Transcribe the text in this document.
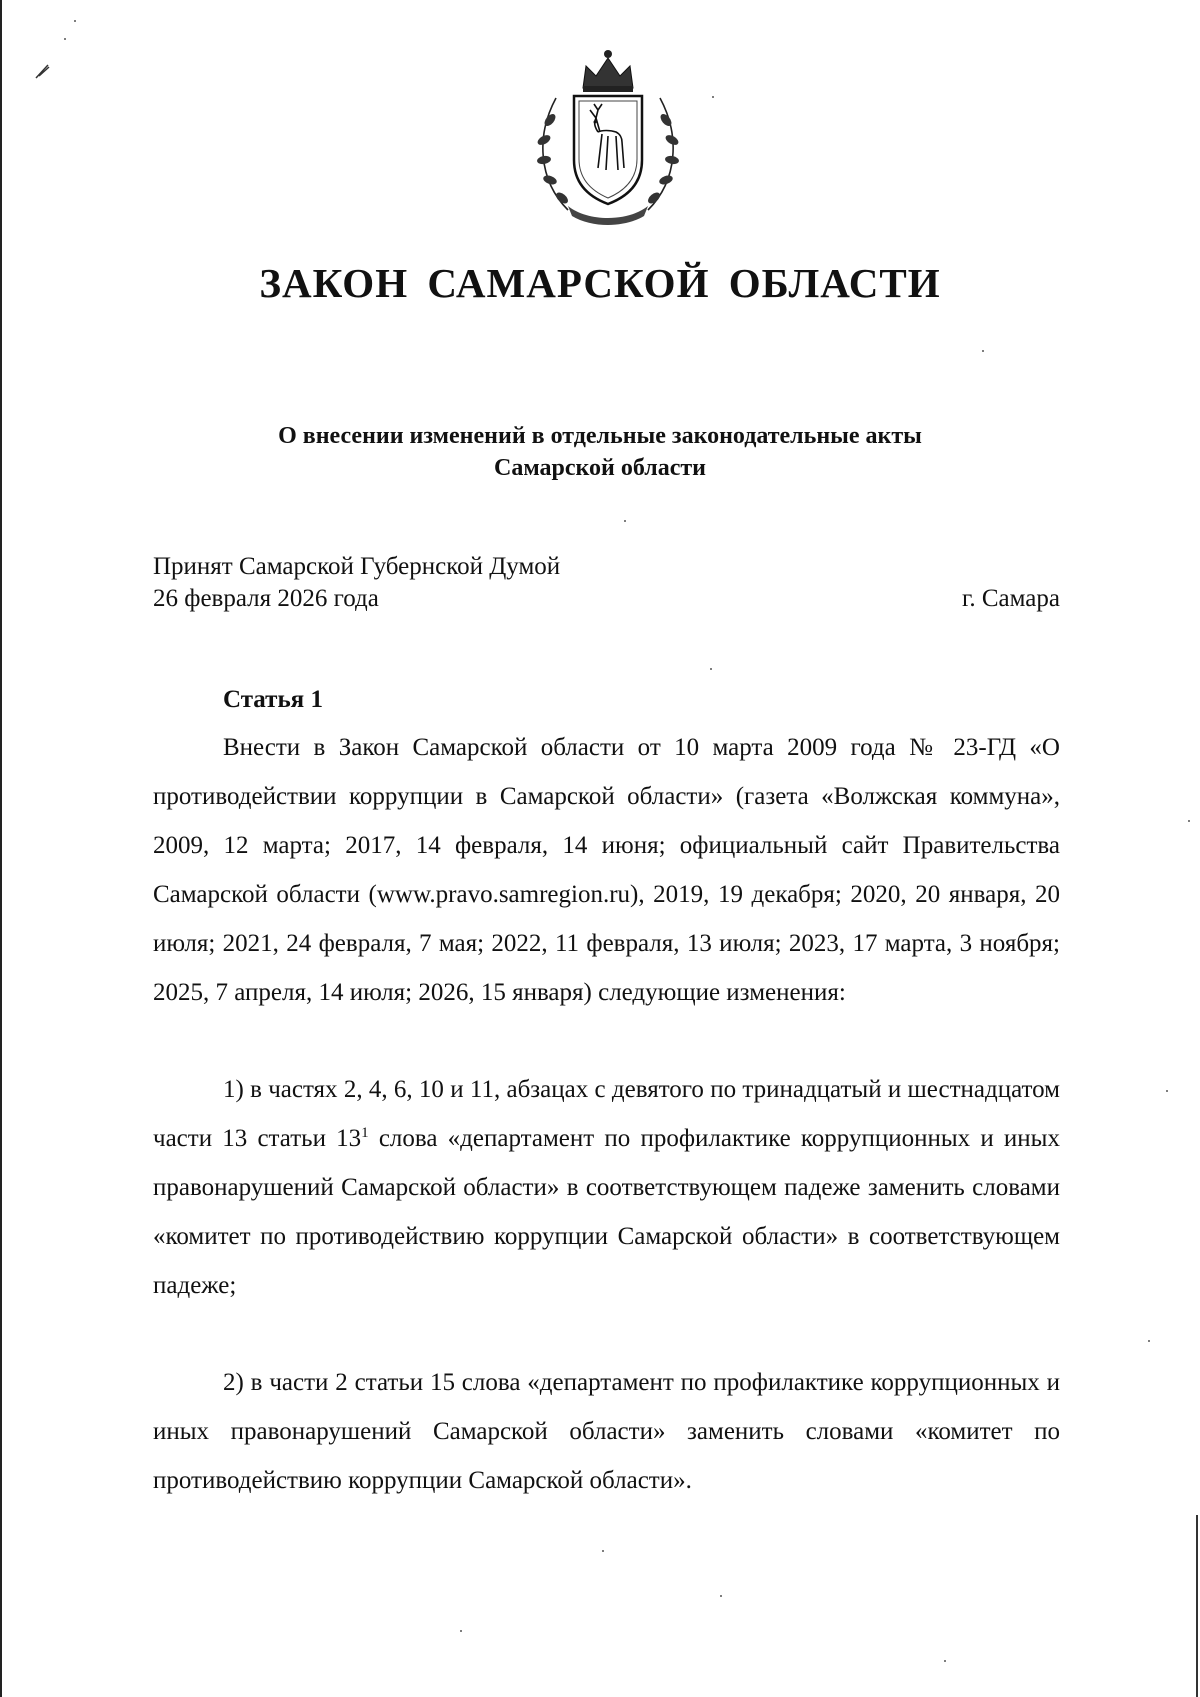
ЗАКОН САМАРСКОЙ ОБЛАСТИ
О внесении изменений в отдельные законодательные акты
Самарской области
Принят Самарской Губернской Думой
26 февраля 2026 года	г. Самара
Статья 1
Внести в Закон Самарской области от 10 марта 2009 года № 23-ГД «О противодействии коррупции в Самарской области» (газета «Волжская коммуна», 2009, 12 марта; 2017, 14 февраля, 14 июня; официальный сайт Правительства Самарской области (www.pravo.samregion.ru), 2019, 19 декабря; 2020, 20 января, 20 июля; 2021, 24 февраля, 7 мая; 2022, 11 февраля, 13 июля; 2023, 17 марта, 3 ноября; 2025, 7 апреля, 14 июля; 2026, 15 января) следующие изменения:
1) в частях 2, 4, 6, 10 и 11, абзацах с девятого по тринадцатый и шестнадцатом части 13 статьи $13^1$ слова «департамент по профилактике коррупционных и иных правонарушений Самарской области» в соответствующем падеже заменить словами «комитет по противодействию коррупции Самарской области» в соответствующем падеже;
2) в части 2 статьи 15 слова «департамент по профилактике коррупционных и иных правонарушений Самарской области» заменить словами «комитет по противодействию коррупции Самарской области».
